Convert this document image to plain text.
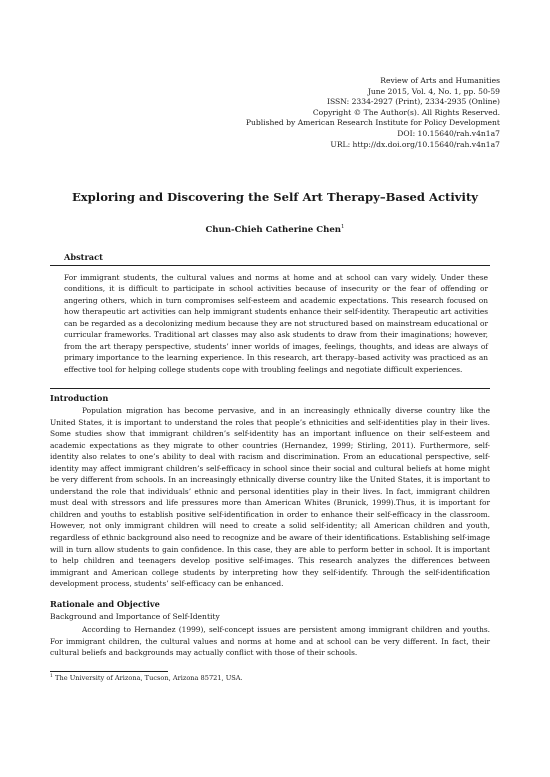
Review of Arts and Humanities
June 2015, Vol. 4, No. 1, pp. 50-59
ISSN: 2334-2927 (Print), 2334-2935 (Online)
Copyright © The Author(s). All Rights Reserved.
Published by American Research Institute for Policy Development
DOI: 10.15640/rah.v4n1a7
URL: http://dx.doi.org/10.15640/rah.v4n1a7
Exploring and Discovering the Self Art Therapy–Based Activity
Chun-Chieh Catherine Chen$^1$
Abstract
For immigrant students, the cultural values and norms at home and at school can vary widely. Under these conditions, it is difficult to participate in school activities because of insecurity or the fear of offending or angering others, which in turn compromises self-esteem and academic expectations. This research focused on how therapeutic art activities can help immigrant students enhance their self-identity. Therapeutic art activities can be regarded as a decolonizing medium because they are not structured based on mainstream educational or curricular frameworks. Traditional art classes may also ask students to draw from their imaginations; however, from the art therapy perspective, students’ inner worlds of images, feelings, thoughts, and ideas are always of primary importance to the learning experience. In this research, art therapy–based activity was practiced as an effective tool for helping college students cope with troubling feelings and negotiate difficult experiences.
Introduction
Population migration has become pervasive, and in an increasingly ethnically diverse country like the United States, it is important to understand the roles that people’s ethnicities and self-identities play in their lives. Some studies show that immigrant children’s self-identity has an important influence on their self-esteem and academic expectations as they migrate to other countries (Hernandez, 1999; Stirling, 2011). Furthermore, self-identity also relates to one’s ability to deal with racism and discrimination. From an educational perspective, self-identity may affect immigrant children’s self-efficacy in school since their social and cultural beliefs at home might be very different from schools. In an increasingly ethnically diverse country like the United States, it is important to understand the role that individuals’ ethnic and personal identities play in their lives. In fact, immigrant children must deal with stressors and life pressures more than American Whites (Brunick, 1999).Thus, it is important for children and youths to establish positive self-identification in order to enhance their self-efficacy in the classroom. However, not only immigrant children will need to create a solid self-identity; all American children and youth, regardless of ethnic background also need to recognize and be aware of their identifications. Establishing self-image will in turn allow students to gain confidence. In this case, they are able to perform better in school. It is important to help children and teenagers develop positive self-images. This research analyzes the differences between immigrant and American college students by interpreting how they self-identify. Through the self-identification development process, students’ self-efficacy can be enhanced.
Rationale and Objective
Background and Importance of Self-Identity
According to Hernandez (1999), self-concept issues are persistent among immigrant children and youths. For immigrant children, the cultural values and norms at home and at school can be very different. In fact, their cultural beliefs and backgrounds may actually conflict with those of their schools.
$^1$ The University of Arizona, Tucson, Arizona 85721, USA.
